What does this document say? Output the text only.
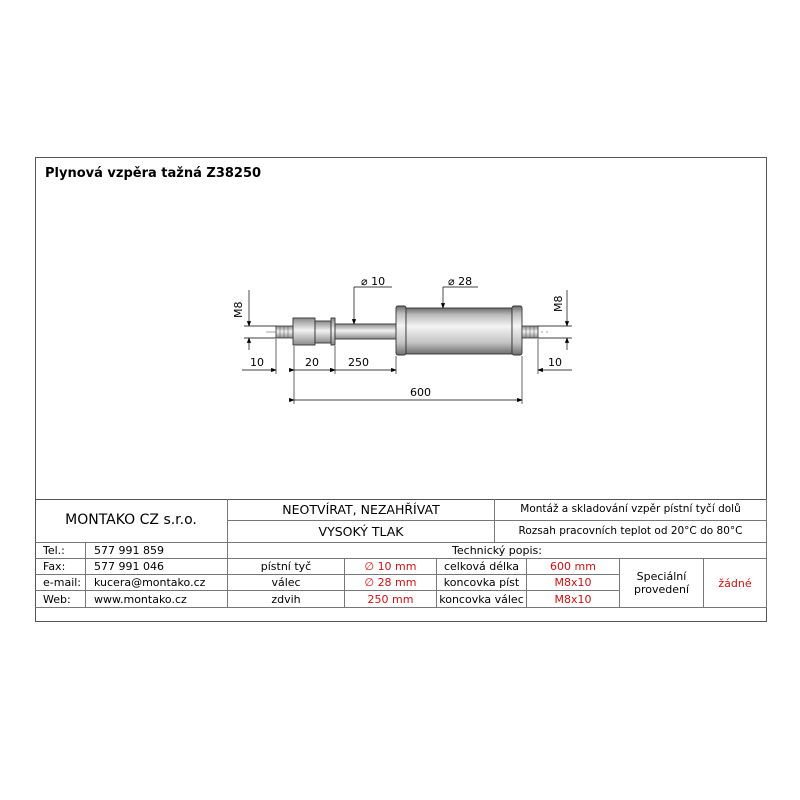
Plynová vzpěra tažná Z38250
M8	M8
⌀ 10	⌀ 28
10	20	250	10
600
MONTAKO CZ s.r.o.
NEOTVÍRAT, NEZAHŘÍVAT
VYSOKÝ TLAK
Montáž a skladování vzpěr pístní tyčí dolů
Rozsah pracovních teplot od 20°C do 80°C
Tel.:	577 991 859
Fax:	577 991 046
e-mail:	kucera@montako.cz
Web:	www.montako.cz
Technický popis:
pístní tyč	∅ 10 mm	celková délka	600 mm
válec	∅ 28 mm	koncovka píst	M8x10
zdvih	250 mm	koncovka válec	M8x10
Speciální provedení	žádné
